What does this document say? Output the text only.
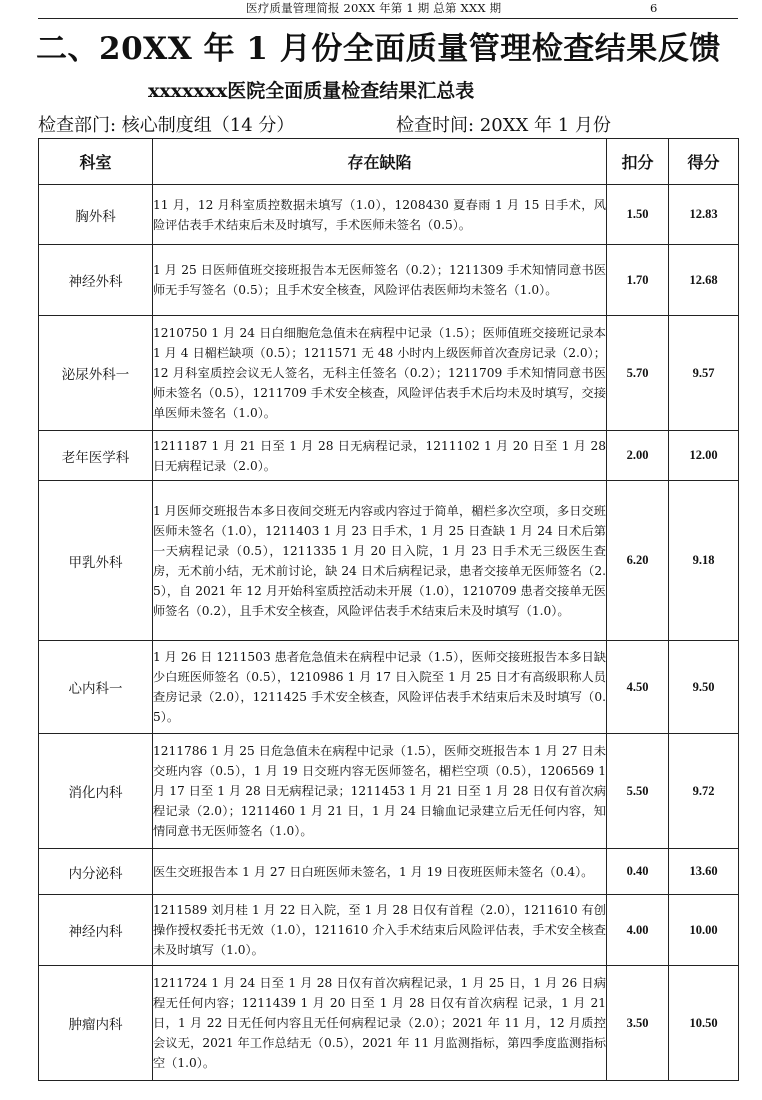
医疗质量管理简报 20XX 年第 1 期 总第 XXX 期	6
二、20XX 年 1 月份全面质量管理检查结果反馈
xxxxxxx医院全面质量检查结果汇总表
检查部门: 核心制度组（14 分）	检查时间: 20XX 年 1 月份
科室	存在缺陷	扣分	得分
胸外科	11 月，12 月科室质控数据未填写（1.0），1208430 夏春雨 1 月 15 日手术，风险评估表手术结束后未及时填写，手术医师未签名（0.5）。	1.50	12.83
神经外科	1 月 25 日医师值班交接班报告本无医师签名（0.2）；1211309 手术知情同意书医师无手写签名（0.5）；且手术安全核查，风险评估表医师均未签名（1.0）。	1.70	12.68
泌尿外科一	1210750 1 月 24 日白细胞危急值未在病程中记录（1.5）；医师值班交接班记录本 1 月 4 日楣栏缺项（0.5）；1211571 无 48 小时内上级医师首次查房记录（2.0）；12 月科室质控会议无人签名，无科主任签名（0.2）；1211709 手术知情同意书医师未签名（0.5），1211709 手术安全核查，风险评估表手术后均未及时填写，交接单医师未签名（1.0）。	5.70	9.57
老年医学科	1211187 1 月 21 日至 1 月 28 日无病程记录，1211102 1 月 20 日至 1 月 28 日无病程记录（2.0）。	2.00	12.00
甲乳外科	1 月医师交班报告本多日夜间交班无内容或内容过于简单，楣栏多次空项，多日交班医师未签名（1.0），1211403 1 月 23 日手术，1 月 25 日查缺 1 月 24 日术后第一天病程记录（0.5），1211335 1 月 20 日入院，1 月 23 日手术无三级医生查房，无术前小结，无术前讨论，缺 24 日术后病程记录，患者交接单无医师签名（2.5），自 2021 年 12 月开始科室质控活动未开展（1.0），1210709 患者交接单无医师签名（0.2），且手术安全核查，风险评估表手术结束后未及时填写（1.0）。	6.20	9.18
心内科一	1 月 26 日 1211503 患者危急值未在病程中记录（1.5），医师交接班报告本多日缺少白班医师签名（0.5），1210986 1 月 17 日入院至 1 月 25 日才有高级职称人员查房记录（2.0），1211425 手术安全核查，风险评估表手术结束后未及时填写（0.5）。	4.50	9.50
消化内科	1211786 1 月 25 日危急值未在病程中记录（1.5），医师交班报告本 1 月 27 日未交班内容（0.5），1 月 19 日交班内容无医师签名，楣栏空项（0.5），1206569 1 月 17 日至 1 月 28 日无病程记录；1211453 1 月 21 日至 1 月 28 日仅有首次病程记录（2.0）；1211460 1 月 21 日，1 月 24 日输血记录建立后无任何内容，知情同意书无医师签名（1.0）。	5.50	9.72
内分泌科	医生交班报告本 1 月 27 日白班医师未签名，1 月 19 日夜班医师未签名（0.4）。	0.40	13.60
神经内科	1211589 刘月桂 1 月 22 日入院，至 1 月 28 日仅有首程（2.0），1211610 有创操作授权委托书无效（1.0），1211610 介入手术结束后风险评估表，手术安全核查未及时填写（1.0）。	4.00	10.00
肿瘤内科	1211724 1 月 24 日至 1 月 28 日仅有首次病程记录，1 月 25 日，1 月 26 日病程无任何内容；1211439 1 月 20 日至 1 月 28 日仅有首次病程 记录，1 月 21 日，1 月 22 日无任何内容且无任何病程记录（2.0）；2021 年 11 月，12 月质控会议无，2021 年工作总结无（0.5），2021 年 11 月监测指标，第四季度监测指标空（1.0）。	3.50	10.50
